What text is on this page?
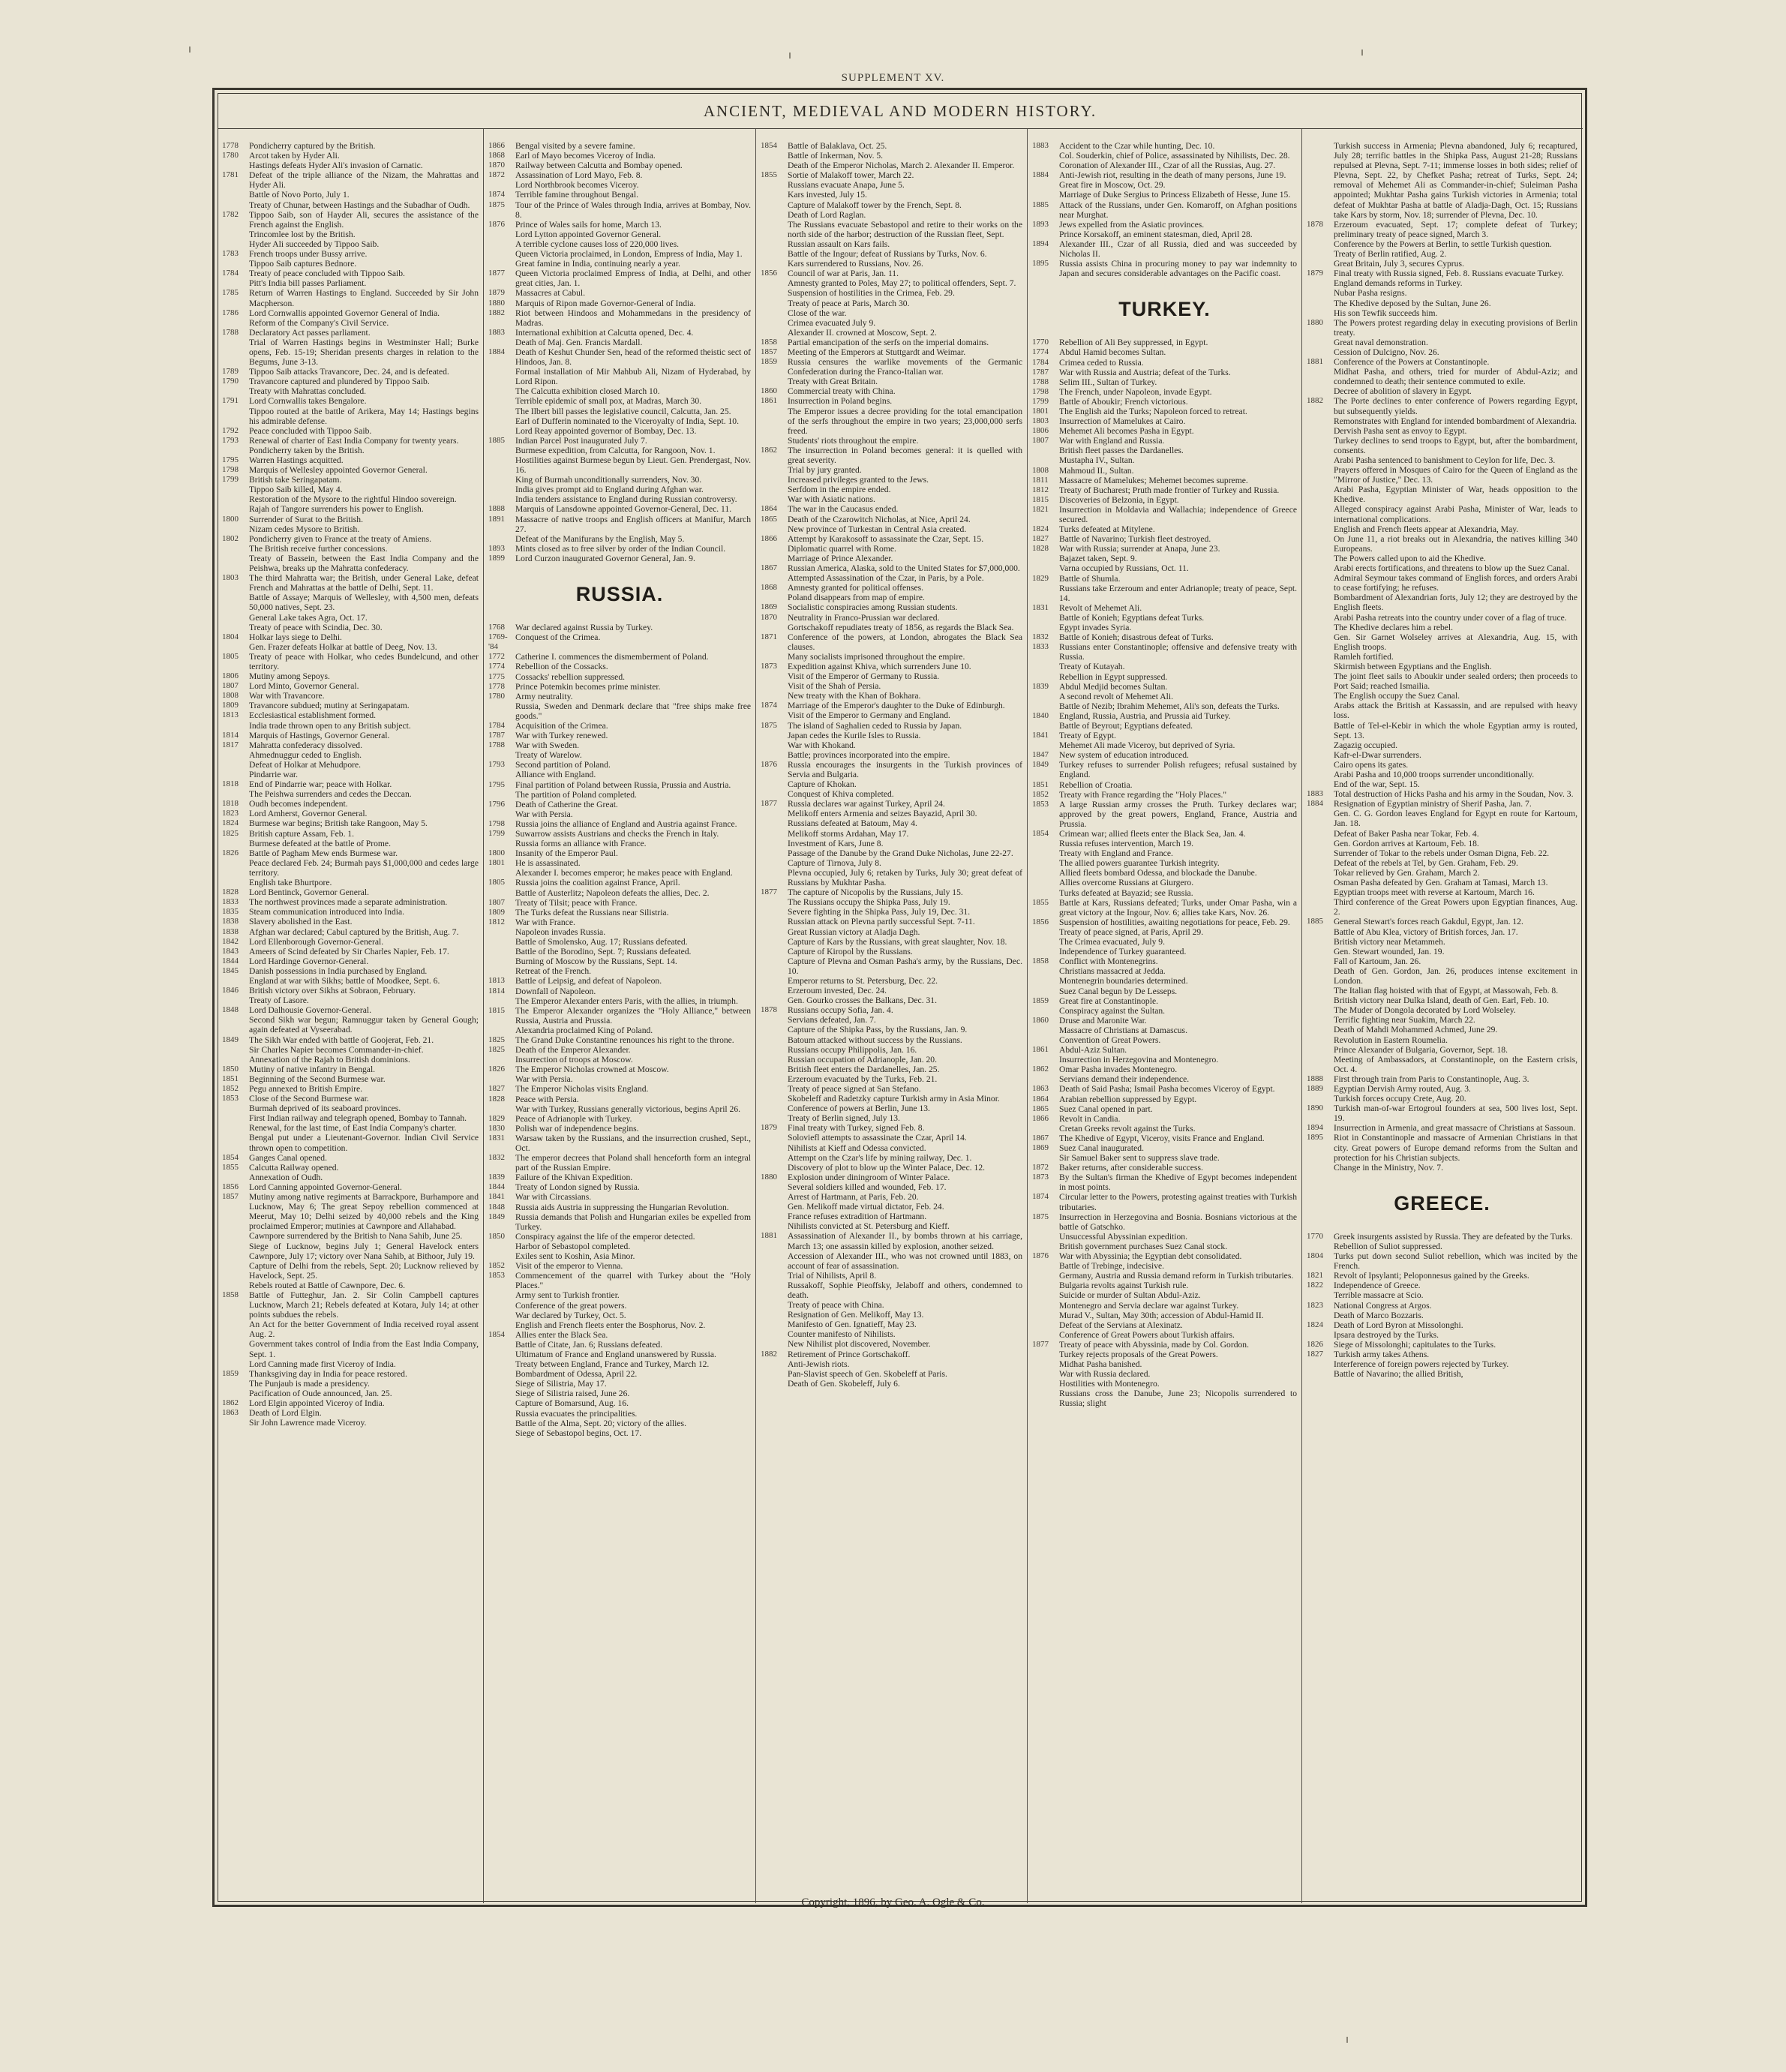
SUPPLEMENT XV.
ANCIENT, MEDIEVAL AND MODERN HISTORY.
1778	Pondicherry captured by the British.
1780	Arcot taken by Hyder Ali.
Hastings defeats Hyder Ali's invasion of Carnatic.
1781	Defeat of the triple alliance of the Nizam, the Mahrattas and Hyder Ali.
Battle of Novo Porto, July 1.
Treaty of Chunar, between Hastings and the Subadhar of Oudh.
1782	Tippoo Saib, son of Hayder Ali, secures the assistance of the French against the English.
Trincomlee lost by the British.
Hyder Ali succeeded by Tippoo Saib.
1783	French troops under Bussy arrive.
Tippoo Saib captures Bednore.
1784	Treaty of peace concluded with Tippoo Saib.
Pitt's India bill passes Parliament.
1785	Return of Warren Hastings to England. Succeeded by Sir John Macpherson.
1786	Lord Cornwallis appointed Governor General of India.
Reform of the Company's Civil Service.
1788	Declaratory Act passes parliament.
Trial of Warren Hastings begins in Westminster Hall; Burke opens, Feb. 15-19; Sheridan presents charges in relation to the Begums, June 3-13.
1789	Tippoo Saib attacks Travancore, Dec. 24, and is defeated.
1790	Travancore captured and plundered by Tippoo Saib.
Treaty with Mahrattas concluded.
1791	Lord Cornwallis takes Bengalore.
Tippoo routed at the battle of Arikera, May 14; Hastings begins his admirable defense.
1792	Peace concluded with Tippoo Saib.
1793	Renewal of charter of East India Company for twenty years.
Pondicherry taken by the British.
1795	Warren Hastings acquitted.
1798	Marquis of Wellesley appointed Governor General.
1799	British take Seringapatam.
Tippoo Saib killed, May 4.
Restoration of the Mysore to the rightful Hindoo sovereign.
Rajah of Tangore surrenders his power to English.
1800	Surrender of Surat to the British.
Nizam cedes Mysore to British.
1802	Pondicherry given to France at the treaty of Amiens.
The British receive further concessions.
Treaty of Bassein, between the East India Company and the Peishwa, breaks up the Mahratta confederacy.
1803	The third Mahratta war; the British, under General Lake, defeat French and Mahrattas at the battle of Delhi, Sept. 11.
Battle of Assaye; Marquis of Wellesley, with 4,500 men, defeats 50,000 natives, Sept. 23.
General Lake takes Agra, Oct. 17.
Treaty of peace with Scindia, Dec. 30.
1804	Holkar lays siege to Delhi.
Gen. Frazer defeats Holkar at battle of Deeg, Nov. 13.
1805	Treaty of peace with Holkar, who cedes Bundelcund, and other territory.
1806	Mutiny among Sepoys.
1807	Lord Minto, Governor General.
1808	War with Travancore.
1809	Travancore subdued; mutiny at Seringapatam.
1813	Ecclesiastical establishment formed.
India trade thrown open to any British subject.
1814	Marquis of Hastings, Governor General.
1817	Mahratta confederacy dissolved.
Ahmednuggur ceded to English.
Defeat of Holkar at Mehudpore.
Pindarrie war.
1818	End of Pindarrie war; peace with Holkar.
The Peishwa surrenders and cedes the Deccan.
1818	Oudh becomes independent.
1823	Lord Amherst, Governor General.
1824	Burmese war begins; British take Rangoon, May 5.
1825	British capture Assam, Feb. 1.
Burmese defeated at the battle of Prome.
1826	Battle of Pagham Mew ends Burmese war.
Peace declared Feb. 24; Burmah pays $1,000,000 and cedes large territory.
English take Bhurtpore.
1828	Lord Bentinck, Governor General.
1833	The northwest provinces made a separate administration.
1835	Steam communication introduced into India.
1838	Slavery abolished in the East.
1838	Afghan war declared; Cabul captured by the British, Aug. 7.
1842	Lord Ellenborough Governor-General.
1843	Ameers of Scind defeated by Sir Charles Napier, Feb. 17.
1844	Lord Hardinge Governor-General.
1845	Danish possessions in India purchased by England.
England at war with Sikhs; battle of Moodkee, Sept. 6.
1846	British victory over Sikhs at Sobraon, February.
Treaty of Lasore.
1848	Lord Dalhousie Governor-General.
Second Sikh war begun; Ramnuggur taken by General Gough; again defeated at Vyseerabad.
1849	The Sikh War ended with battle of Goojerat, Feb. 21.
Sir Charles Napier becomes Commander-in-chief.
Annexation of the Rajah to British dominions.
1850	Mutiny of native infantry in Bengal.
1851	Beginning of the Second Burmese war.
1852	Pegu annexed to British Empire.
1853	Close of the Second Burmese war.
Burmah deprived of its seaboard provinces.
First Indian railway and telegraph opened, Bombay to Tannah.
Renewal, for the last time, of East India Company's charter.
Bengal put under a Lieutenant-Governor. Indian Civil Service thrown open to competition.
1854	Ganges Canal opened.
1855	Calcutta Railway opened.
Annexation of Oudh.
1856	Lord Canning appointed Governor-General.
1857	Mutiny among native regiments at Barrackpore, Burhampore and Lucknow, May 6; The great Sepoy rebellion commenced at Meerut, May 10; Delhi seized by 40,000 rebels and the King proclaimed Emperor; mutinies at Cawnpore and Allahabad.
Cawnpore surrendered by the British to Nana Sahib, June 25.
Siege of Lucknow, begins July 1; General Havelock enters Cawnpore, July 17; victory over Nana Sahib, at Bithoor, July 19.
Capture of Delhi from the rebels, Sept. 20; Lucknow relieved by Havelock, Sept. 25.
Rebels routed at Battle of Cawnpore, Dec. 6.
1858	Battle of Futteghur, Jan. 2. Sir Colin Campbell captures Lucknow, March 21; Rebels defeated at Kotara, July 14; at other points subdues the rebels.
An Act for the better Government of India received royal assent Aug. 2.
Government takes control of India from the East India Company, Sept. 1.
Lord Canning made first Viceroy of India.
1859	Thanksgiving day in India for peace restored.
The Punjaub is made a presidency.
Pacification of Oude announced, Jan. 25.
1862	Lord Elgin appointed Viceroy of India.
1863	Death of Lord Elgin.
Sir John Lawrence made Viceroy.
1866	Bengal visited by a severe famine.
1868	Earl of Mayo becomes Viceroy of India.
1870	Railway between Calcutta and Bombay opened.
1872	Assassination of Lord Mayo, Feb. 8.
Lord Northbrook becomes Viceroy.
1874	Terrible famine throughout Bengal.
1875	Tour of the Prince of Wales through India, arrives at Bombay, Nov. 8.
1876	Prince of Wales sails for home, March 13.
Lord Lytton appointed Governor General.
A terrible cyclone causes loss of 220,000 lives.
Queen Victoria proclaimed, in London, Empress of India, May 1.
Great famine in India, continuing nearly a year.
1877	Queen Victoria proclaimed Empress of India, at Delhi, and other great cities, Jan. 1.
1879	Massacres at Cabul.
1880	Marquis of Ripon made Governor-General of India.
1882	Riot between Hindoos and Mohammedans in the presidency of Madras.
1883	International exhibition at Calcutta opened, Dec. 4.
Death of Maj. Gen. Francis Mardall.
1884	Death of Keshut Chunder Sen, head of the reformed theistic sect of Hindoos, Jan. 8.
Formal installation of Mir Mahbub Ali, Nizam of Hyderabad, by Lord Ripon.
The Calcutta exhibition closed March 10.
Terrible epidemic of small pox, at Madras, March 30.
The Ilbert bill passes the legislative council, Calcutta, Jan. 25.
Earl of Dufferin nominated to the Viceroyalty of India, Sept. 10.
Lord Reay appointed governor of Bombay, Dec. 13.
1885	Indian Parcel Post inaugurated July 7.
Burmese expedition, from Calcutta, for Rangoon, Nov. 1.
Hostilities against Burmese begun by Lieut. Gen. Prendergast, Nov. 16.
King of Burmah unconditionally surrenders, Nov. 30.
India gives prompt aid to England during Afghan war.
India tenders assistance to England during Russian controversy.
1888	Marquis of Lansdowne appointed Governor-General, Dec. 11.
1891	Massacre of native troops and English officers at Manifur, March 27.
Defeat of the Manifurans by the English, May 5.
1893	Mints closed as to free silver by order of the Indian Council.
1899	Lord Curzon inaugurated Governor General, Jan. 9.
RUSSIA.
1768	War declared against Russia by Turkey.
1769-'84
Conquest of the Crimea.
1772	Catherine I. commences the dismemberment of Poland.
1774	Rebellion of the Cossacks.
1775	Cossacks' rebellion suppressed.
1778	Prince Potemkin becomes prime minister.
1780	Army neutrality.
Russia, Sweden and Denmark declare that "free ships make free goods."
1784	Acquisition of the Crimea.
1787	War with Turkey renewed.
1788	War with Sweden.
Treaty of Warelow.
1793	Second partition of Poland.
Alliance with England.
1795	Final partition of Poland between Russia, Prussia and Austria.
The partition of Poland completed.
1796	Death of Catherine the Great.
War with Persia.
1798	Russia joins the alliance of England and Austria against France.
1799	Suwarrow assists Austrians and checks the French in Italy.
Russia forms an alliance with France.
1800	Insanity of the Emperor Paul.
1801	He is assassinated.
Alexander I. becomes emperor; he makes peace with England.
1805	Russia joins the coalition against France, April.
Battle of Austerlitz; Napoleon defeats the allies, Dec. 2.
1807	Treaty of Tilsit; peace with France.
1809	The Turks defeat the Russians near Silistria.
1812	War with France.
Napoleon invades Russia.
Battle of Smolensko, Aug. 17; Russians defeated.
Battle of the Borodino, Sept. 7; Russians defeated.
Burning of Moscow by the Russians, Sept. 14.
Retreat of the French.
1813	Battle of Leipsig, and defeat of Napoleon.
1814	Downfall of Napoleon.
The Emperor Alexander enters Paris, with the allies, in triumph.
1815	The Emperor Alexander organizes the "Holy Alliance," between Russia, Austria and Prussia.
Alexandria proclaimed King of Poland.
1825	The Grand Duke Constantine renounces his right to the throne.
1825	Death of the Emperor Alexander.
Insurrection of troops at Moscow.
1826	The Emperor Nicholas crowned at Moscow.
War with Persia.
1827	The Emperor Nicholas visits England.
1828	Peace with Persia.
War with Turkey, Russians generally victorious, begins April 26.
1829	Peace of Adrianople with Turkey.
1830	Polish war of independence begins.
1831	Warsaw taken by the Russians, and the insurrection crushed, Sept., Oct.
1832	The emperor decrees that Poland shall henceforth form an integral part of the Russian Empire.
1839	Failure of the Khivan Expedition.
1844	Treaty of London signed by Russia.
1841	War with Circassians.
1848	Russia aids Austria in suppressing the Hungarian Revolution.
1849	Russia demands that Polish and Hungarian exiles be expelled from Turkey.
1850	Conspiracy against the life of the emperor detected.
Harbor of Sebastopol completed.
Exiles sent to Koshin, Asia Minor.
1852	Visit of the emperor to Vienna.
1853	Commencement of the quarrel with Turkey about the "Holy Places."
Army sent to Turkish frontier.
Conference of the great powers.
War declared by Turkey, Oct. 5.
English and French fleets enter the Bosphorus, Nov. 2.
1854	Allies enter the Black Sea.
Battle of Citate, Jan. 6; Russians defeated.
Ultimatum of France and England unanswered by Russia.
Treaty between England, France and Turkey, March 12.
Bombardment of Odessa, April 22.
Siege of Silistria, May 17.
Siege of Silistria raised, June 26.
Capture of Bomarsund, Aug. 16.
Russia evacuates the principalities.
Battle of the Alma, Sept. 20; victory of the allies.
Siege of Sebastopol begins, Oct. 17.
1854	Battle of Balaklava, Oct. 25.
Battle of Inkerman, Nov. 5.
Death of the Emperor Nicholas, March 2. Alexander II. Emperor.
1855	Sortie of Malakoff tower, March 22.
Russians evacuate Anapa, June 5.
Kars invested, July 15.
Capture of Malakoff tower by the French, Sept. 8.
Death of Lord Raglan.
The Russians evacuate Sebastopol and retire to their works on the north side of the harbor; destruction of the Russian fleet, Sept.
Russian assault on Kars fails.
Battle of the Ingour; defeat of Russians by Turks, Nov. 6.
Kars surrendered to Russians, Nov. 26.
1856	Council of war at Paris, Jan. 11.
Amnesty granted to Poles, May 27; to political offenders, Sept. 7.
Suspension of hostilities in the Crimea, Feb. 29.
Treaty of peace at Paris, March 30.
Close of the war.
Crimea evacuated July 9.
Alexander II. crowned at Moscow, Sept. 2.
1858	Partial emancipation of the serfs on the imperial domains.
1857	Meeting of the Emperors at Stuttgardt and Weimar.
1859	Russia censures the warlike movements of the Germanic Confederation during the Franco-Italian war.
Treaty with Great Britain.
1860	Commercial treaty with China.
1861	Insurrection in Poland begins.
The Emperor issues a decree providing for the total emancipation of the serfs throughout the empire in two years; 23,000,000 serfs freed.
Students' riots throughout the empire.
1862	The insurrection in Poland becomes general: it is quelled with great severity.
Trial by jury granted.
Increased privileges granted to the Jews.
Serfdom in the empire ended.
War with Asiatic nations.
1864	The war in the Caucasus ended.
1865	Death of the Czarowitch Nicholas, at Nice, April 24.
New province of Turkestan in Central Asia created.
1866	Attempt by Karakosoff to assassinate the Czar, Sept. 15.
Diplomatic quarrel with Rome.
Marriage of Prince Alexander.
1867	Russian America, Alaska, sold to the United States for $7,000,000.
Attempted Assassination of the Czar, in Paris, by a Pole.
1868	Amnesty granted for political offenses.
Poland disappears from map of empire.
1869	Socialistic conspiracies among Russian students.
1870	Neutrality in Franco-Prussian war declared.
Gortschakoff repudiates treaty of 1856, as regards the Black Sea.
1871	Conference of the powers, at London, abrogates the Black Sea clauses.
Many socialists imprisoned throughout the empire.
1873	Expedition against Khiva, which surrenders June 10.
Visit of the Emperor of Germany to Russia.
Visit of the Shah of Persia.
New treaty with the Khan of Bokhara.
1874	Marriage of the Emperor's daughter to the Duke of Edinburgh.
Visit of the Emperor to Germany and England.
1875	The island of Saghalien ceded to Russia by Japan.
Japan cedes the Kurile Isles to Russia.
War with Khokand.
Battle; provinces incorporated into the empire.
1876	Russia encourages the insurgents in the Turkish provinces of Servia and Bulgaria.
Capture of Khokan.
Conquest of Khiva completed.
1877	Russia declares war against Turkey, April 24.
Melikoff enters Armenia and seizes Bayazid, April 30.
Russians defeated at Batoum, May 4.
Melikoff storms Ardahan, May 17.
Investment of Kars, June 8.
Passage of the Danube by the Grand Duke Nicholas, June 22-27.
Capture of Tirnova, July 8.
Plevna occupied, July 6; retaken by Turks, July 30; great defeat of Russians by Mukhtar Pasha.
1877	The capture of Nicopolis by the Russians, July 15.
The Russians occupy the Shipka Pass, July 19.
Severe fighting in the Shipka Pass, July 19, Dec. 31.
Russian attack on Plevna partly successful Sept. 7-11.
Great Russian victory at Aladja Dagh.
Capture of Kars by the Russians, with great slaughter, Nov. 18.
Capture of Kiropol by the Russians.
Capture of Plevna and Osman Pasha's army, by the Russians, Dec. 10.
Emperor returns to St. Petersburg, Dec. 22.
Erzeroum invested, Dec. 24.
Gen. Gourko crosses the Balkans, Dec. 31.
1878	Russians occupy Sofia, Jan. 4.
Servians defeated, Jan. 7.
Capture of the Shipka Pass, by the Russians, Jan. 9.
Batoum attacked without success by the Russians.
Russians occupy Philippolis, Jan. 16.
Russian occupation of Adrianople, Jan. 20.
British fleet enters the Dardanelles, Jan. 25.
Erzeroum evacuated by the Turks, Feb. 21.
Treaty of peace signed at San Stefano.
Skobeleff and Radetzky capture Turkish army in Asia Minor.
Conference of powers at Berlin, June 13.
Treaty of Berlin signed, July 13.
1879	Final treaty with Turkey, signed Feb. 8.
Soloviefl attempts to assassinate the Czar, April 14.
Nihilists at Kieff and Odessa convicted.
Attempt on the Czar's life by mining railway, Dec. 1.
Discovery of plot to blow up the Winter Palace, Dec. 12.
1880	Explosion under diningroom of Winter Palace.
Several soldiers killed and wounded, Feb. 17.
Arrest of Hartmann, at Paris, Feb. 20.
Gen. Melikoff made virtual dictator, Feb. 24.
France refuses extradition of Hartmann.
Nihilists convicted at St. Petersburg and Kieff.
1881	Assassination of Alexander II., by bombs thrown at his carriage, March 13; one assassin killed by explosion, another seized.
Accession of Alexander III., who was not crowned until 1883, on account of fear of assassination.
Trial of Nihilists, April 8.
Russakoff, Sophie Pieoffsky, Jelaboff and others, condemned to death.
Treaty of peace with China.
Resignation of Gen. Melikoff, May 13.
Manifesto of Gen. Ignatieff, May 23.
Counter manifesto of Nihilists.
New Nihilist plot discovered, November.
1882	Retirement of Prince Gortschakoff.
Anti-Jewish riots.
Pan-Slavist speech of Gen. Skobeleff at Paris.
Death of Gen. Skobeleff, July 6.
1883	Accident to the Czar while hunting, Dec. 10.
Col. Souderkin, chief of Police, assassinated by Nihilists, Dec. 28.
Coronation of Alexander III., Czar of all the Russias, Aug. 27.
1884	Anti-Jewish riot, resulting in the death of many persons, June 19.
Great fire in Moscow, Oct. 29.
Marriage of Duke Sergius to Princess Elizabeth of Hesse, June 15.
1885	Attack of the Russians, under Gen. Komaroff, on Afghan positions near Murghat.
1893	Jews expelled from the Asiatic provinces.
Prince Korsakoff, an eminent statesman, died, April 28.
1894	Alexander III., Czar of all Russia, died and was succeeded by Nicholas II.
1895	Russia assists China in procuring money to pay war indemnity to Japan and secures considerable advantages on the Pacific coast.
TURKEY.
1770	Rebellion of Ali Bey suppressed, in Egypt.
1774	Abdul Hamid becomes Sultan.
1784	Crimea ceded to Russia.
1787	War with Russia and Austria; defeat of the Turks.
1788	Selim III., Sultan of Turkey.
1798	The French, under Napoleon, invade Egypt.
1799	Battle of Aboukir; French victorious.
1801	The English aid the Turks; Napoleon forced to retreat.
1803	Insurrection of Mamelukes at Cairo.
1806	Mehemet Ali becomes Pasha in Egypt.
1807	War with England and Russia.
British fleet passes the Dardanelles.
Mustapha IV., Sultan.
1808	Mahmoud II., Sultan.
1811	Massacre of Mamelukes; Mehemet becomes supreme.
1812	Treaty of Bucharest; Pruth made frontier of Turkey and Russia.
1815	Discoveries of Belzonia, in Egypt.
1821	Insurrection in Moldavia and Wallachia; independence of Greece secured.
1824	Turks defeated at Mitylene.
1827	Battle of Navarino; Turkish fleet destroyed.
1828	War with Russia; surrender at Anapa, June 23.
Bajazet taken, Sept. 9.
Varna occupied by Russians, Oct. 11.
1829	Battle of Shumla.
Russians take Erzeroum and enter Adrianople; treaty of peace, Sept. 14.
1831	Revolt of Mehemet Ali.
Battle of Konieh; Egyptians defeat Turks.
Egypt invades Syria.
1832	Battle of Konieh; disastrous defeat of Turks.
1833	Russians enter Constantinople; offensive and defensive treaty with Russia.
Treaty of Kutayah.
Rebellion in Egypt suppressed.
1839	Abdul Medjid becomes Sultan.
A second revolt of Mehemet Ali.
Battle of Nezib; Ibrahim Mehemet, Ali's son, defeats the Turks.
1840	England, Russia, Austria, and Prussia aid Turkey.
Battle of Beyrout; Egyptians defeated.
1841	Treaty of Egypt.
Mehemet Ali made Viceroy, but deprived of Syria.
1847	New system of education introduced.
1849	Turkey refuses to surrender Polish refugees; refusal sustained by England.
1851	Rebellion of Croatia.
1852	Treaty with France regarding the "Holy Places."
1853	A large Russian army crosses the Pruth. Turkey declares war; approved by the great powers, England, France, Austria and Prussia.
1854	Crimean war; allied fleets enter the Black Sea, Jan. 4.
Russia refuses intervention, March 19.
Treaty with England and France.
The allied powers guarantee Turkish integrity.
Allied fleets bombard Odessa, and blockade the Danube.
Allies overcome Russians at Giurgero.
Turks defeated at Bayazid; see Russia.
1855	Battle at Kars, Russians defeated; Turks, under Omar Pasha, win a great victory at the Ingour, Nov. 6; allies take Kars, Nov. 26.
1856	Suspension of hostilities, awaiting negotiations for peace, Feb. 29.
Treaty of peace signed, at Paris, April 29.
The Crimea evacuated, July 9.
Independence of Turkey guaranteed.
1858	Conflict with Montenegrins.
Christians massacred at Jedda.
Montenegrin boundaries determined.
Suez Canal begun by De Lesseps.
1859	Great fire at Constantinople.
Conspiracy against the Sultan.
1860	Druse and Maronite War.
Massacre of Christians at Damascus.
Convention of Great Powers.
1861	Abdul-Aziz Sultan.
Insurrection in Herzegovina and Montenegro.
1862	Omar Pasha invades Montenegro.
Servians demand their independence.
1863	Death of Said Pasha; Ismail Pasha becomes Viceroy of Egypt.
1864	Arabian rebellion suppressed by Egypt.
1865	Suez Canal opened in part.
1866	Revolt in Candia.
Cretan Greeks revolt against the Turks.
1867	The Khedive of Egypt, Viceroy, visits France and England.
1869	Suez Canal inaugurated.
Sir Samuel Baker sent to suppress slave trade.
1872	Baker returns, after considerable success.
1873	By the Sultan's firman the Khedive of Egypt becomes independent in most points.
1874	Circular letter to the Powers, protesting against treaties with Turkish tributaries.
1875	Insurrection in Herzegovina and Bosnia. Bosnians victorious at the battle of Gatschko.
Unsuccessful Abyssinian expedition.
British government purchases Suez Canal stock.
1876	War with Abyssinia; the Egyptian debt consolidated.
Battle of Trebinge, indecisive.
Germany, Austria and Russia demand reform in Turkish tributaries.
Bulgaria revolts against Turkish rule.
Suicide or murder of Sultan Abdul-Aziz.
Montenegro and Servia declare war against Turkey.
Murad V., Sultan, May 30th; accession of Abdul-Hamid II.
Defeat of the Servians at Alexinatz.
Conference of Great Powers about Turkish affairs.
1877	Treaty of peace with Abyssinia, made by Col. Gordon.
Turkey rejects proposals of the Great Powers.
Midhat Pasha banished.
War with Russia declared.
Hostilities with Montenegro.
Russians cross the Danube, June 23; Nicopolis surrendered to Russia; slight
Turkish success in Armenia; Plevna abandoned, July 6; recaptured, July 28; terrific battles in the Shipka Pass, August 21-28; Russians repulsed at Plevna, Sept. 7-11; immense losses in both sides; relief of Plevna, Sept. 22, by Chefket Pasha; retreat of Turks, Sept. 24; removal of Mehemet Ali as Commander-in-chief; Suleiman Pasha appointed; Mukhtar Pasha gains Turkish victories in Armenia; total defeat of Mukhtar Pasha at battle of Aladja-Dagh, Oct. 15; Russians take Kars by storm, Nov. 18; surrender of Plevna, Dec. 10.
1878	Erzeroum evacuated, Sept. 17; complete defeat of Turkey; preliminary treaty of peace signed, March 3.
Conference by the Powers at Berlin, to settle Turkish question.
Treaty of Berlin ratified, Aug. 2.
Great Britain, July 3, secures Cyprus.
1879	Final treaty with Russia signed, Feb. 8. Russians evacuate Turkey.
England demands reforms in Turkey.
Nubar Pasha resigns.
The Khedive deposed by the Sultan, June 26.
His son Tewfik succeeds him.
1880	The Powers protest regarding delay in executing provisions of Berlin treaty.
Great naval demonstration.
Cession of Dulcigno, Nov. 26.
1881	Conference of the Powers at Constantinople.
Midhat Pasha, and others, tried for murder of Abdul-Aziz; and condemned to death; their sentence commuted to exile.
Decree of abolition of slavery in Egypt.
1882	The Porte declines to enter conference of Powers regarding Egypt, but subsequently yields.
Remonstrates with England for intended bombardment of Alexandria.
Dervish Pasha sent as envoy to Egypt.
Turkey declines to send troops to Egypt, but, after the bombardment, consents.
Arabi Pasha sentenced to banishment to Ceylon for life, Dec. 3.
Prayers offered in Mosques of Cairo for the Queen of England as the "Mirror of Justice," Dec. 13.
Arabi Pasha, Egyptian Minister of War, heads opposition to the Khedive.
Alleged conspiracy against Arabi Pasha, Minister of War, leads to international complications.
English and French fleets appear at Alexandria, May.
On June 11, a riot breaks out in Alexandria, the natives killing 340 Europeans.
The Powers called upon to aid the Khedive.
Arabi erects fortifications, and threatens to blow up the Suez Canal.
Admiral Seymour takes command of English forces, and orders Arabi to cease fortifying; he refuses.
Bombardment of Alexandrian forts, July 12; they are destroyed by the English fleets.
Arabi Pasha retreats into the country under cover of a flag of truce.
The Khedive declares him a rebel.
Gen. Sir Garnet Wolseley arrives at Alexandria, Aug. 15, with English troops.
Ramleh fortified.
Skirmish between Egyptians and the English.
The joint fleet sails to Aboukir under sealed orders; then proceeds to Port Said; reached Ismailia.
The English occupy the Suez Canal.
Arabs attack the British at Kassassin, and are repulsed with heavy loss.
Battle of Tel-el-Kebir in which the whole Egyptian army is routed, Sept. 13.
Zagazig occupied.
Kafr-el-Dwar surrenders.
Cairo opens its gates.
Arabi Pasha and 10,000 troops surrender unconditionally.
End of the war, Sept. 15.
1883	Total destruction of Hicks Pasha and his army in the Soudan, Nov. 3.
1884	Resignation of Egyptian ministry of Sherif Pasha, Jan. 7.
Gen. C. G. Gordon leaves England for Egypt en route for Kartoum, Jan. 18.
Defeat of Baker Pasha near Tokar, Feb. 4.
Gen. Gordon arrives at Kartoum, Feb. 18.
Surrender of Tokar to the rebels under Osman Digna, Feb. 22.
Defeat of the rebels at Tel, by Gen. Graham, Feb. 29.
Tokar relieved by Gen. Graham, March 2.
Osman Pasha defeated by Gen. Graham at Tamasi, March 13.
Egyptian troops meet with reverse at Kartoum, March 16.
Third conference of the Great Powers upon Egyptian finances, Aug. 2.
1885	General Stewart's forces reach Gakdul, Egypt, Jan. 12.
Battle of Abu Klea, victory of British forces, Jan. 17.
British victory near Metammeh.
Gen. Stewart wounded, Jan. 19.
Fall of Kartoum, Jan. 26.
Death of Gen. Gordon, Jan. 26, produces intense excitement in London.
The Italian flag hoisted with that of Egypt, at Massowah, Feb. 8.
British victory near Dulka Island, death of Gen. Earl, Feb. 10.
The Muder of Dongola decorated by Lord Wolseley.
Terrific fighting near Suakim, March 22.
Death of Mahdi Mohammed Achmed, June 29.
Revolution in Eastern Roumelia.
Prince Alexander of Bulgaria, Governor, Sept. 18.
Meeting of Ambassadors, at Constantinople, on the Eastern crisis, Oct. 4.
1888	First through train from Paris to Constantinople, Aug. 3.
1889	Egyptian Dervish Army routed, Aug. 3.
Turkish forces occupy Crete, Aug. 20.
1890	Turkish man-of-war Ertogroul founders at sea, 500 lives lost, Sept. 19.
1894	Insurrection in Armenia, and great massacre of Christians at Sassoun.
1895	Riot in Constantinople and massacre of Armenian Christians in that city. Great powers of Europe demand reforms from the Sultan and protection for his Christian subjects.
Change in the Ministry, Nov. 7.
GREECE.
1770	Greek insurgents assisted by Russia. They are defeated by the Turks.
Rebellion of Suliot suppressed.
1804	Turks put down second Suliot rebellion, which was incited by the French.
1821	Revolt of Ipsylanti; Peloponnesus gained by the Greeks.
1822	Independence of Greece.
Terrible massacre at Scio.
1823	National Congress at Argos.
Death of Marco Bozzaris.
1824	Death of Lord Byron at Missolonghi.
Ipsara destroyed by the Turks.
1826	Siege of Missolonghi; capitulates to the Turks.
1827	Turkish army takes Athens.
Interference of foreign powers rejected by Turkey.
Battle of Navarino; the allied British,
Copyright, 1896, by Geo. A. Ogle & Co.
